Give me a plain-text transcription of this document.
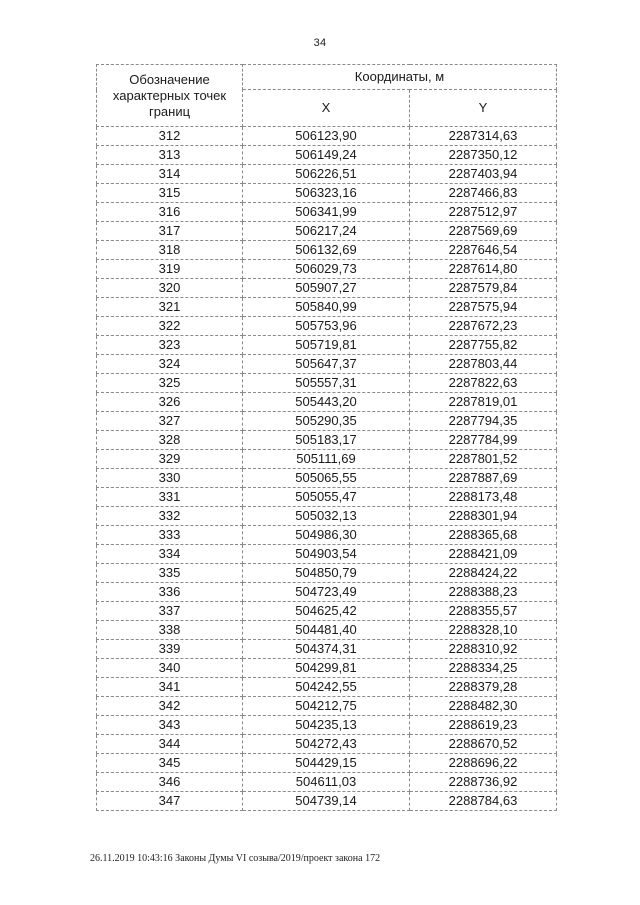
34
Обозначение характерных точек границ	Координаты, м	
	X	Y
312	506123,90	2287314,63
313	506149,24	2287350,12
314	506226,51	2287403,94
315	506323,16	2287466,83
316	506341,99	2287512,97
317	506217,24	2287569,69
318	506132,69	2287646,54
319	506029,73	2287614,80
320	505907,27	2287579,84
321	505840,99	2287575,94
322	505753,96	2287672,23
323	505719,81	2287755,82
324	505647,37	2287803,44
325	505557,31	2287822,63
326	505443,20	2287819,01
327	505290,35	2287794,35
328	505183,17	2287784,99
329	505111,69	2287801,52
330	505065,55	2287887,69
331	505055,47	2288173,48
332	505032,13	2288301,94
333	504986,30	2288365,68
334	504903,54	2288421,09
335	504850,79	2288424,22
336	504723,49	2288388,23
337	504625,42	2288355,57
338	504481,40	2288328,10
339	504374,31	2288310,92
340	504299,81	2288334,25
341	504242,55	2288379,28
342	504212,75	2288482,30
343	504235,13	2288619,23
344	504272,43	2288670,52
345	504429,15	2288696,22
346	504611,03	2288736,92
347	504739,14	2288784,63
26.11.2019 10:43:16 Законы Думы VI созыва/2019/проект закона 172
